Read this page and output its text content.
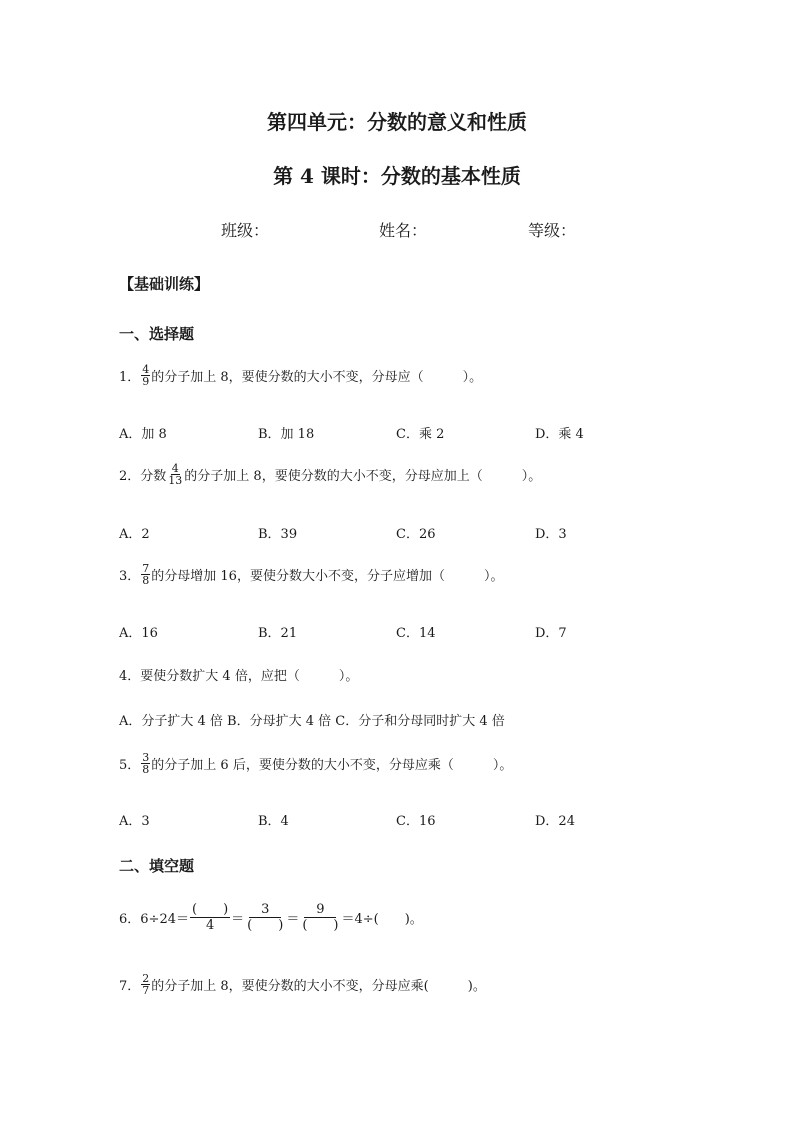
第四单元：分数的意义和性质
第 4 课时：分数的基本性质
班级：	姓名：	等级：
【基础训练】
一、选择题
1． $\frac{4}{9}$ 的分子加上 8，要使分数的大小不变，分母应（　　　）。
A．加 8	B．加 18	C．乘 2	D．乘 4
2． 分数 $\frac{4}{13}$ 的分子加上 8，要使分数的大小不变，分母应加上（　　　）。
A．2	B．39	C．26	D．3
3． $\frac{7}{8}$ 的分母增加 16，要使分数大小不变，分子应增加（　　　）。
A．16	B．21	C．14	D．7
4． 要使分数扩大 4 倍，应把（　　　）。
A．分子扩大 4 倍 B．分母扩大 4 倍 C．分子和分母同时扩大 4 倍
5． $\frac{3}{8}$ 的分子加上 6 后，要使分数的大小不变，分母应乘（　　　）。
A．3	B．4	C．16	D．24
二、填空题
6． $6\div 24= \frac{( )}{4} = \frac{3}{( )} = \frac{9}{( )} =4\div$(　　)。
7． $\frac{2}{7}$ 的分子加上 8，要使分数的大小不变，分母应乘(　　　)。
